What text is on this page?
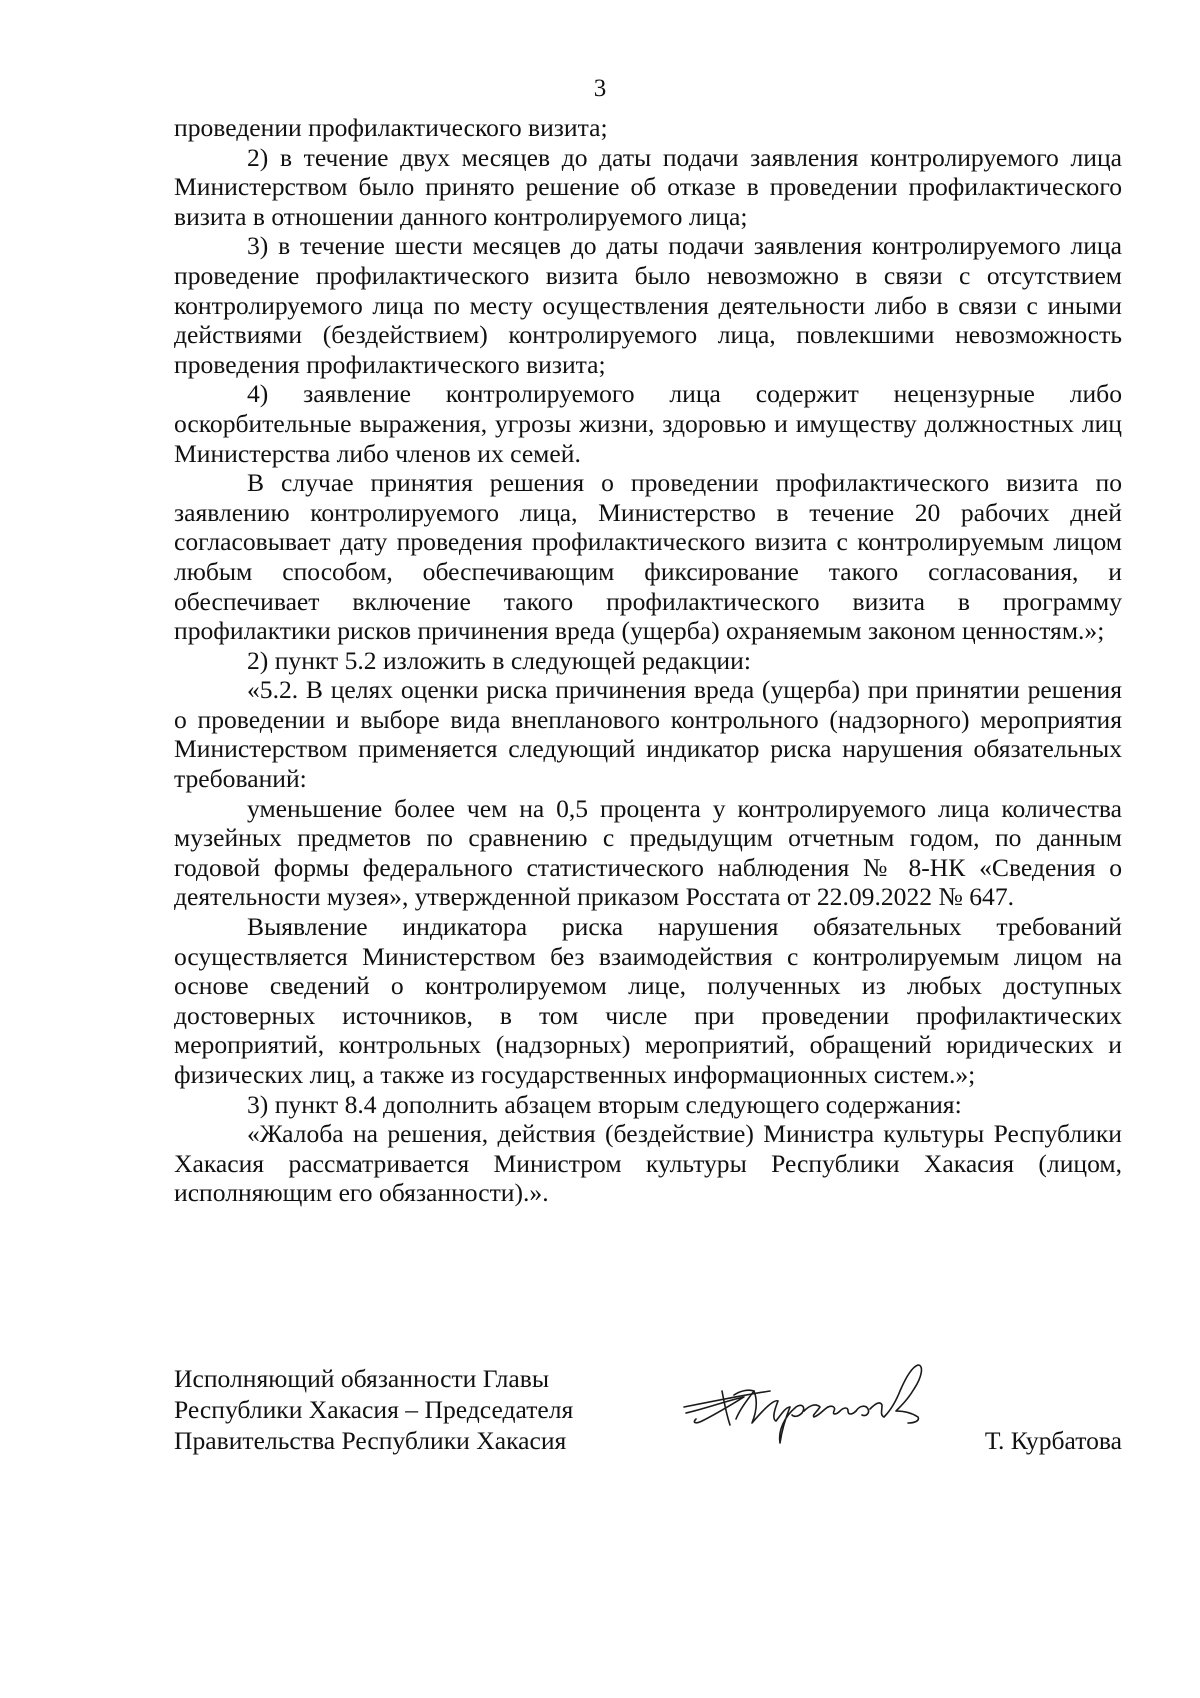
3

проведении профилактического визита;

2) в течение двух месяцев до даты подачи заявления контролируемого лица Министерством было принято решение об отказе в проведении профилактического визита в отношении данного контролируемого лица;

3) в течение шести месяцев до даты подачи заявления контролируемого лица проведение профилактического визита было невозможно в связи с отсутствием контролируемого лица по месту осуществления деятельности либо в связи с иными действиями (бездействием) контролируемого лица, повлекшими невозможность проведения профилактического визита;

4) заявление контролируемого лица содержит нецензурные либо оскорбительные выражения, угрозы жизни, здоровью и имуществу должностных лиц Министерства либо членов их семей.

В случае принятия решения о проведении профилактического визита по заявлению контролируемого лица, Министерство в течение 20 рабочих дней согласовывает дату проведения профилактического визита с контролируемым лицом любым способом, обеспечивающим фиксирование такого согласования, и обеспечивает включение такого профилактического визита в программу профилактики рисков причинения вреда (ущерба) охраняемым законом ценностям.»;

2) пункт 5.2 изложить в следующей редакции:

«5.2. В целях оценки риска причинения вреда (ущерба) при принятии решения о проведении и выборе вида внепланового контрольного (надзорного) мероприятия Министерством применяется следующий индикатор риска нарушения обязательных требований:

уменьшение более чем на 0,5 процента у контролируемого лица количества музейных предметов по сравнению с предыдущим отчетным годом, по данным годовой формы федерального статистического наблюдения № 8-НК «Сведения о деятельности музея», утвержденной приказом Росстата от 22.09.2022 № 647.

Выявление индикатора риска нарушения обязательных требований осуществляется Министерством без взаимодействия с контролируемым лицом на основе сведений о контролируемом лице, полученных из любых доступных достоверных источников, в том числе при проведении профилактических мероприятий, контрольных (надзорных) мероприятий, обращений юридических и физических лиц, а также из государственных информационных систем.»;

3) пункт 8.4 дополнить абзацем вторым следующего содержания:

«Жалоба на решения, действия (бездействие) Министра культуры Республики Хакасия рассматривается Министром культуры Республики Хакасия (лицом, исполняющим его обязанности).».

Исполняющий обязанности Главы
Республики Хакасия – Председателя
Правительства Республики Хакасия	Т. Курбатова
